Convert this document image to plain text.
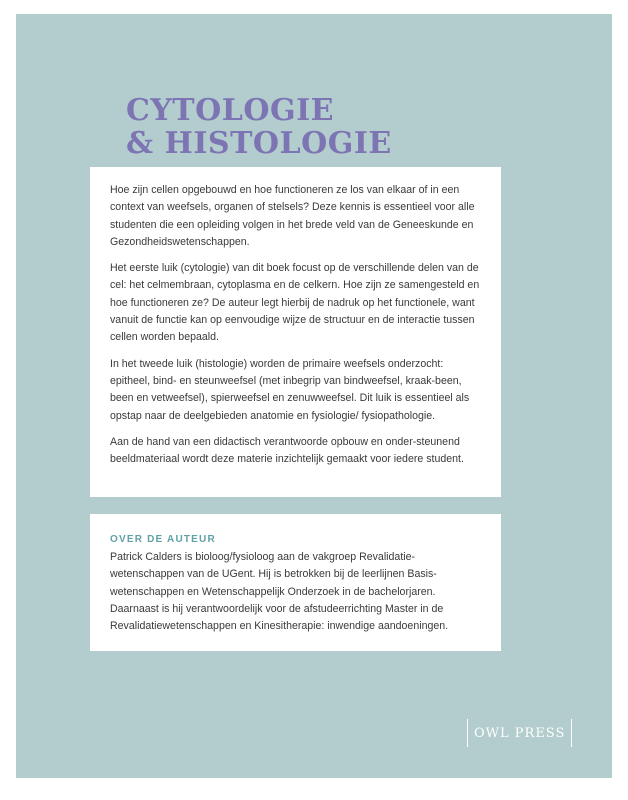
CYTOLOGIE
& HISTOLOGIE

Hoe zijn cellen opgebouwd en hoe functioneren ze los van elkaar of in een context van weefsels, organen of stelsels? Deze kennis is essentieel voor alle studenten die een opleiding volgen in het brede veld van de Geneeskunde en Gezondheidswetenschappen.

Het eerste luik (cytologie) van dit boek focust op de verschillende delen van de cel: het celmembraan, cytoplasma en de celkern. Hoe zijn ze samengesteld en hoe functioneren ze? De auteur legt hierbij de nadruk op het functionele, want vanuit de functie kan op eenvoudige wijze de structuur en de interactie tussen cellen worden bepaald.

In het tweede luik (histologie) worden de primaire weefsels onderzocht: epitheel, bind- en steunweefsel (met inbegrip van bindweefsel, kraak-been, been en vetweefsel), spierweefsel en zenuwweefsel. Dit luik is essentieel als opstap naar de deelgebieden anatomie en fysiologie/ fysiopathologie.

Aan de hand van een didactisch verantwoorde opbouw en onder-steunend beeldmateriaal wordt deze materie inzichtelijk gemaakt voor iedere student.

OVER DE AUTEUR

Patrick Calders is bioloog/fysioloog aan de vakgroep Revalidatie-wetenschappen van de UGent. Hij is betrokken bij de leerlijnen Basis-wetenschappen en Wetenschappelijk Onderzoek in de bachelorjaren. Daarnaast is hij verantwoordelijk voor de afstudeerrichting Master in de Revalidatiewetenschappen en Kinesitherapie: inwendige aandoeningen.

OWL PRESS
